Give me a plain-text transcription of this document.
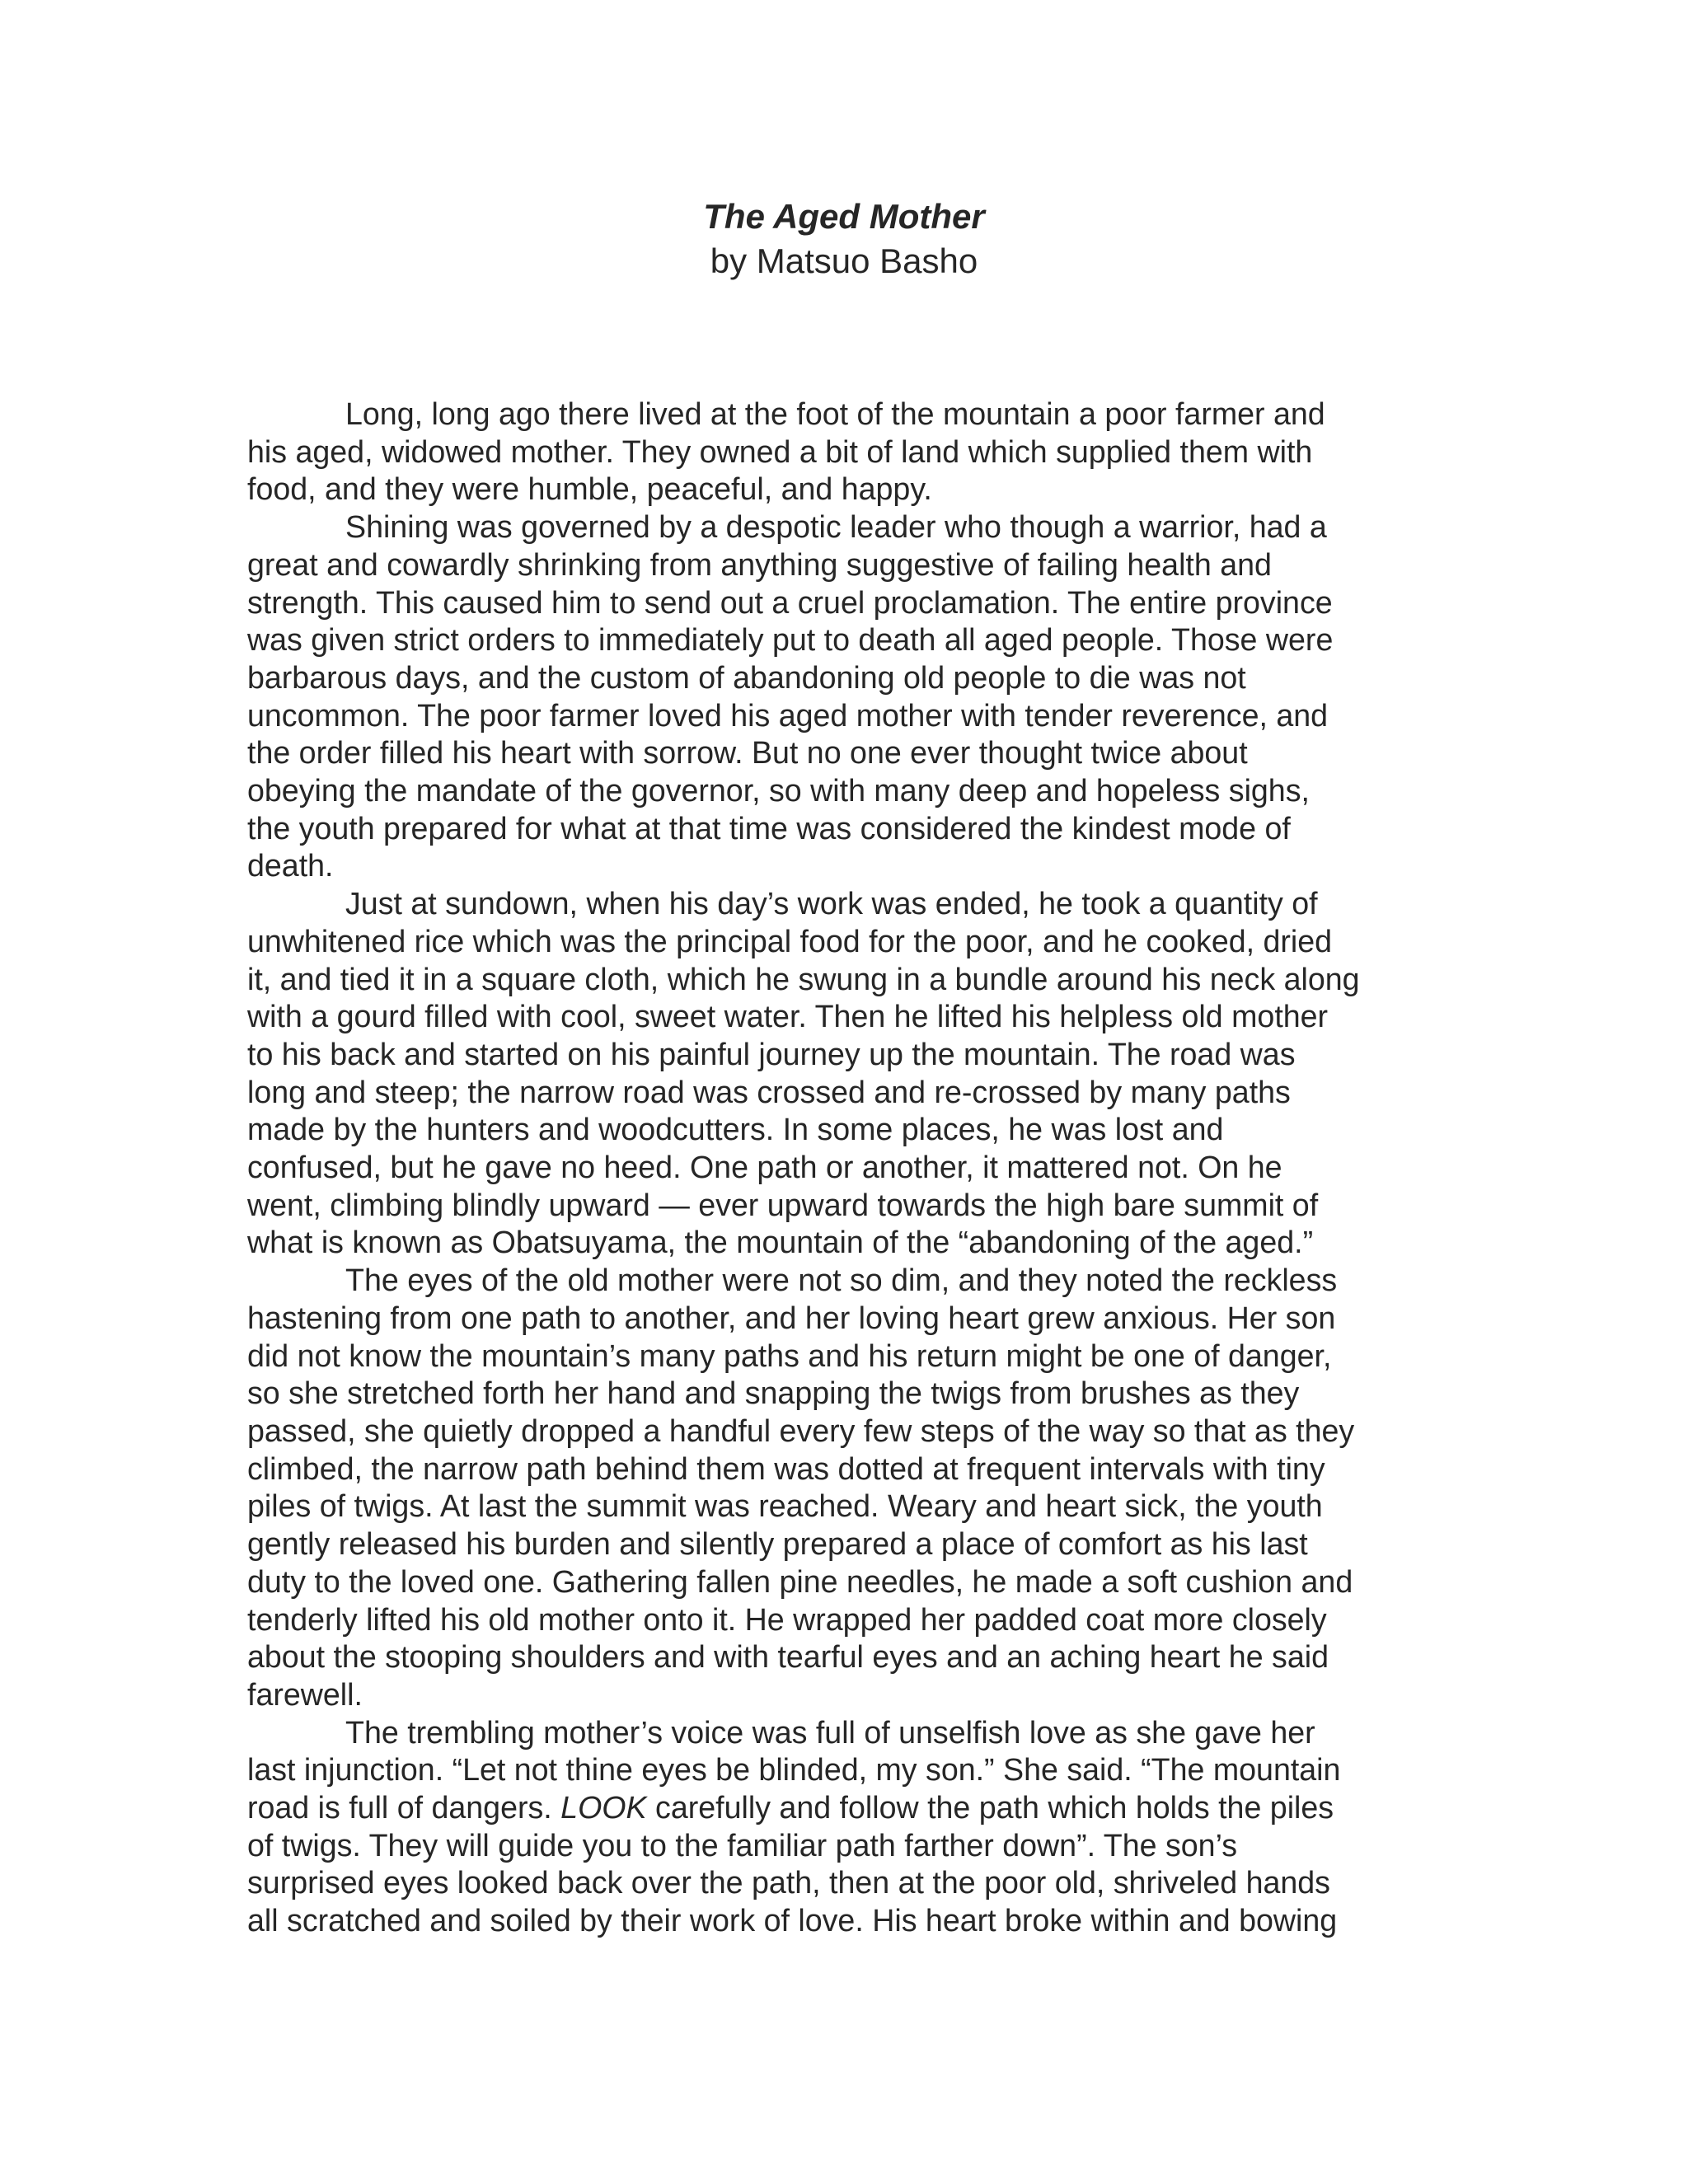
The Aged Mother
by Matsuo Basho
Long, long ago there lived at the foot of the mountain a poor farmer and
his aged, widowed mother. They owned a bit of land which supplied them with
food, and they were humble, peaceful, and happy.
Shining was governed by a despotic leader who though a warrior, had a
great and cowardly shrinking from anything suggestive of failing health and
strength. This caused him to send out a cruel proclamation. The entire province
was given strict orders to immediately put to death all aged people. Those were
barbarous days, and the custom of abandoning old people to die was not
uncommon. The poor farmer loved his aged mother with tender reverence, and
the order filled his heart with sorrow. But no one ever thought twice about
obeying the mandate of the governor, so with many deep and hopeless sighs,
the youth prepared for what at that time was considered the kindest mode of
death.
Just at sundown, when his day’s work was ended, he took a quantity of
unwhitened rice which was the principal food for the poor, and he cooked, dried
it, and tied it in a square cloth, which he swung in a bundle around his neck along
with a gourd filled with cool, sweet water. Then he lifted his helpless old mother
to his back and started on his painful journey up the mountain. The road was
long and steep; the narrow road was crossed and re-crossed by many paths
made by the hunters and woodcutters. In some places, he was lost and
confused, but he gave no heed. One path or another, it mattered not. On he
went, climbing blindly upward — ever upward towards the high bare summit of
what is known as Obatsuyama, the mountain of the “abandoning of the aged.”
The eyes of the old mother were not so dim, and they noted the reckless
hastening from one path to another, and her loving heart grew anxious. Her son
did not know the mountain’s many paths and his return might be one of danger,
so she stretched forth her hand and snapping the twigs from brushes as they
passed, she quietly dropped a handful every few steps of the way so that as they
climbed, the narrow path behind them was dotted at frequent intervals with tiny
piles of twigs. At last the summit was reached. Weary and heart sick, the youth
gently released his burden and silently prepared a place of comfort as his last
duty to the loved one. Gathering fallen pine needles, he made a soft cushion and
tenderly lifted his old mother onto it. He wrapped her padded coat more closely
about the stooping shoulders and with tearful eyes and an aching heart he said
farewell.
The trembling mother’s voice was full of unselfish love as she gave her
last injunction. “Let not thine eyes be blinded, my son.” She said. “The mountain
road is full of dangers. LOOK carefully and follow the path which holds the piles
of twigs. They will guide you to the familiar path farther down”. The son’s
surprised eyes looked back over the path, then at the poor old, shriveled hands
all scratched and soiled by their work of love. His heart broke within and bowing
